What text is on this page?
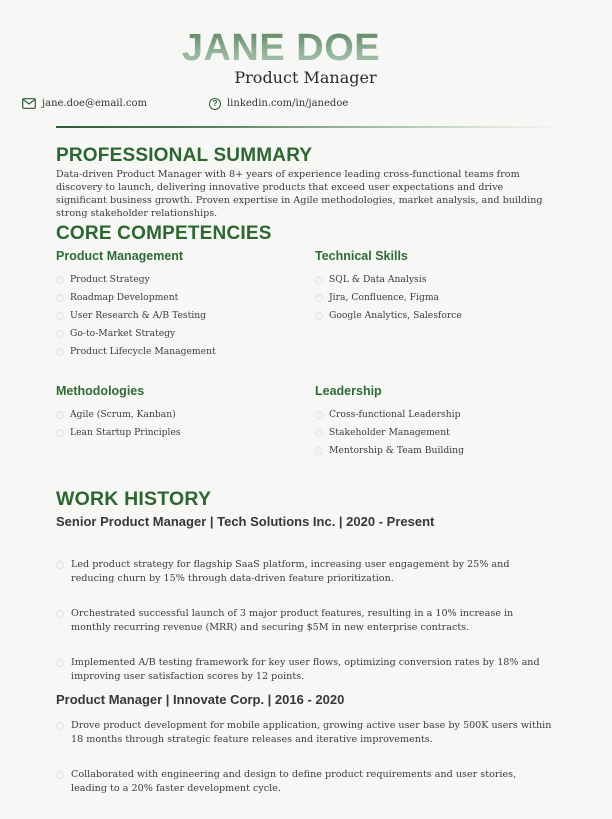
JANE DOE
Product Manager
jane.doe@email.com	? linkedin.com/in/janedoe
PROFESSIONAL SUMMARY

Data-driven Product Manager with 8+ years of experience leading cross-functional teams from discovery to launch, delivering innovative products that exceed user expectations and drive significant business growth. Proven expertise in Agile methodologies, market analysis, and building strong stakeholder relationships.

CORE COMPETENCIES
Product Management
? Product Strategy
? Roadmap Development
? User Research & A/B Testing
? Go-to-Market Strategy
? Product Lifecycle Management
Technical Skills
? SQL & Data Analysis
? Jira, Confluence, Figma
? Google Analytics, Salesforce
Methodologies
? Agile (Scrum, Kanban)
? Lean Startup Principles
Leadership
? Cross-functional Leadership
? Stakeholder Management
? Mentorship & Team Building
WORK HISTORY
Senior Product Manager | Tech Solutions Inc. | 2020 - Present
? Led product strategy for flagship SaaS platform, increasing user engagement by 25% and reducing churn by 15% through data-driven feature prioritization.
? Orchestrated successful launch of 3 major product features, resulting in a 10% increase in monthly recurring revenue (MRR) and securing $5M in new enterprise contracts.
? Implemented A/B testing framework for key user flows, optimizing conversion rates by 18% and improving user satisfaction scores by 12 points.
Product Manager | Innovate Corp. | 2016 - 2020
? Drove product development for mobile application, growing active user base by 500K users within 18 months through strategic feature releases and iterative improvements.
? Collaborated with engineering and design to define product requirements and user stories, leading to a 20% faster development cycle.
